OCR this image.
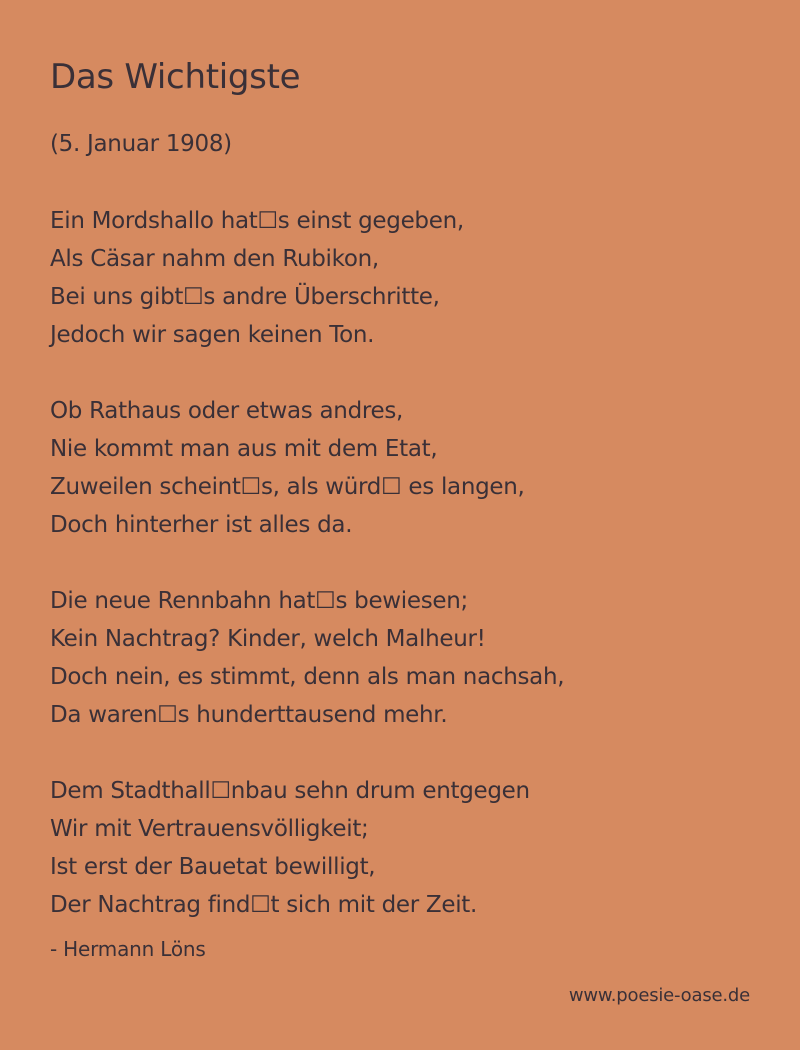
Das Wichtigste
(5. Januar 1908)
Ein Mordshallo hat☐s einst gegeben,
Als Cäsar nahm den Rubikon,
Bei uns gibt☐s andre Überschritte,
Jedoch wir sagen keinen Ton.
Ob Rathaus oder etwas andres,
Nie kommt man aus mit dem Etat,
Zuweilen scheint☐s, als würd☐ es langen,
Doch hinterher ist alles da.
Die neue Rennbahn hat☐s bewiesen;
Kein Nachtrag? Kinder, welch Malheur!
Doch nein, es stimmt, denn als man nachsah,
Da waren☐s hunderttausend mehr.
Dem Stadthall☐nbau sehn drum entgegen
Wir mit Vertrauensvölligkeit;
Ist erst der Bauetat bewilligt,
Der Nachtrag find☐t sich mit der Zeit.
- Hermann Löns
www.poesie-oase.de
